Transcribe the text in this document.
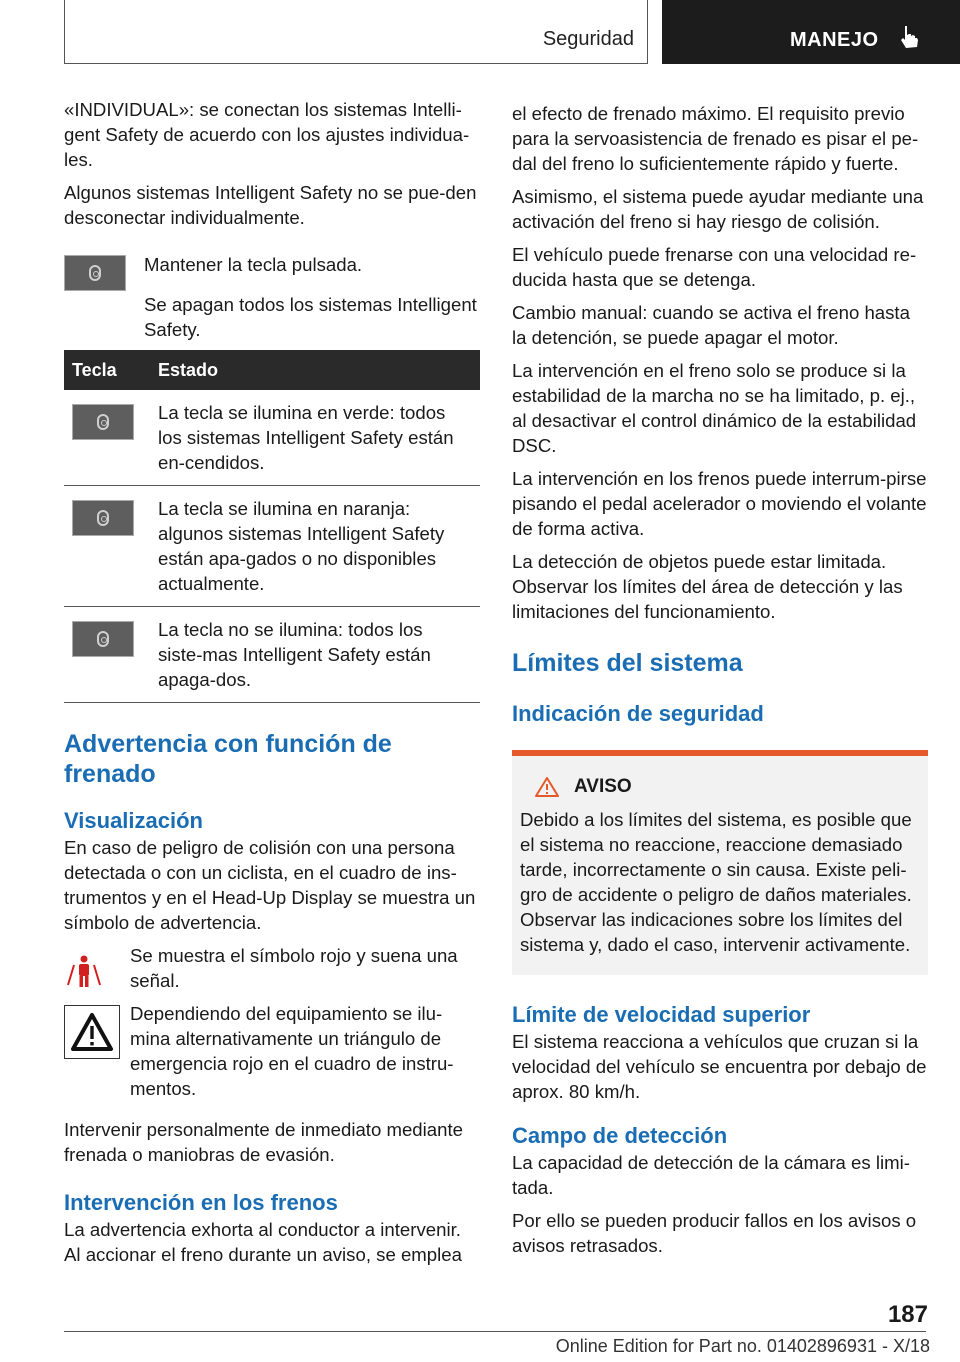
Seguridad	MANEJO

«INDIVIDUAL»: se conectan los sistemas Intelli-gent Safety de acuerdo con los ajustes individua-les.

Algunos sistemas Intelligent Safety no se pue-den desconectar individualmente.

Mantener la tecla pulsada.

Se apagan todos los sistemas Intelligent Safety.

Tecla	Estado

	La tecla se ilumina en verde: todos los sistemas Intelligent Safety están en-cendidos.

	La tecla se ilumina en naranja: algunos sistemas Intelligent Safety están apa-gados o no disponibles actualmente.

	La tecla no se ilumina: todos los siste-mas Intelligent Safety están apaga-dos.
Advertencia con función de frenado
Visualización

En caso de peligro de colisión con una persona detectada o con un ciclista, en el cuadro de ins-trumentos y en el Head-Up Display se muestra un símbolo de advertencia.

Se muestra el símbolo rojo y suena una señal.

Dependiendo del equipamiento se ilu-mina alternativamente un triángulo de emergencia rojo en el cuadro de instru-mentos.

Intervenir personalmente de inmediato mediante frenada o maniobras de evasión.

Intervención en los frenos

La advertencia exhorta al conductor a intervenir. Al accionar el freno durante un aviso, se emplea

el efecto de frenado máximo. El requisito previo para la servoasistencia de frenado es pisar el pe-dal del freno lo suficientemente rápido y fuerte.

Asimismo, el sistema puede ayudar mediante una activación del freno si hay riesgo de colisión.

El vehículo puede frenarse con una velocidad re-ducida hasta que se detenga.

Cambio manual: cuando se activa el freno hasta la detención, se puede apagar el motor.

La intervención en el freno solo se produce si la estabilidad de la marcha no se ha limitado, p. ej., al desactivar el control dinámico de la estabilidad DSC.

La intervención en los frenos puede interrum-pirse pisando el pedal acelerador o moviendo el volante de forma activa.

La detección de objetos puede estar limitada. Observar los límites del área de detección y las limitaciones del funcionamiento.

Límites del sistema
Indicación de seguridad
AVISO

Debido a los límites del sistema, es posible que el sistema no reaccione, reaccione demasiado tarde, incorrectamente o sin causa. Existe peli-gro de accidente o peligro de daños materiales. Observar las indicaciones sobre los límites del sistema y, dado el caso, intervenir activamente.

Límite de velocidad superior

El sistema reacciona a vehículos que cruzan si la velocidad del vehículo se encuentra por debajo de aprox. 80 km/h.

Campo de detección

La capacidad de detección de la cámara es limi-tada.

Por ello se pueden producir fallos en los avisos o avisos retrasados.

187
Online Edition for Part no. 01402896931 - X/18
